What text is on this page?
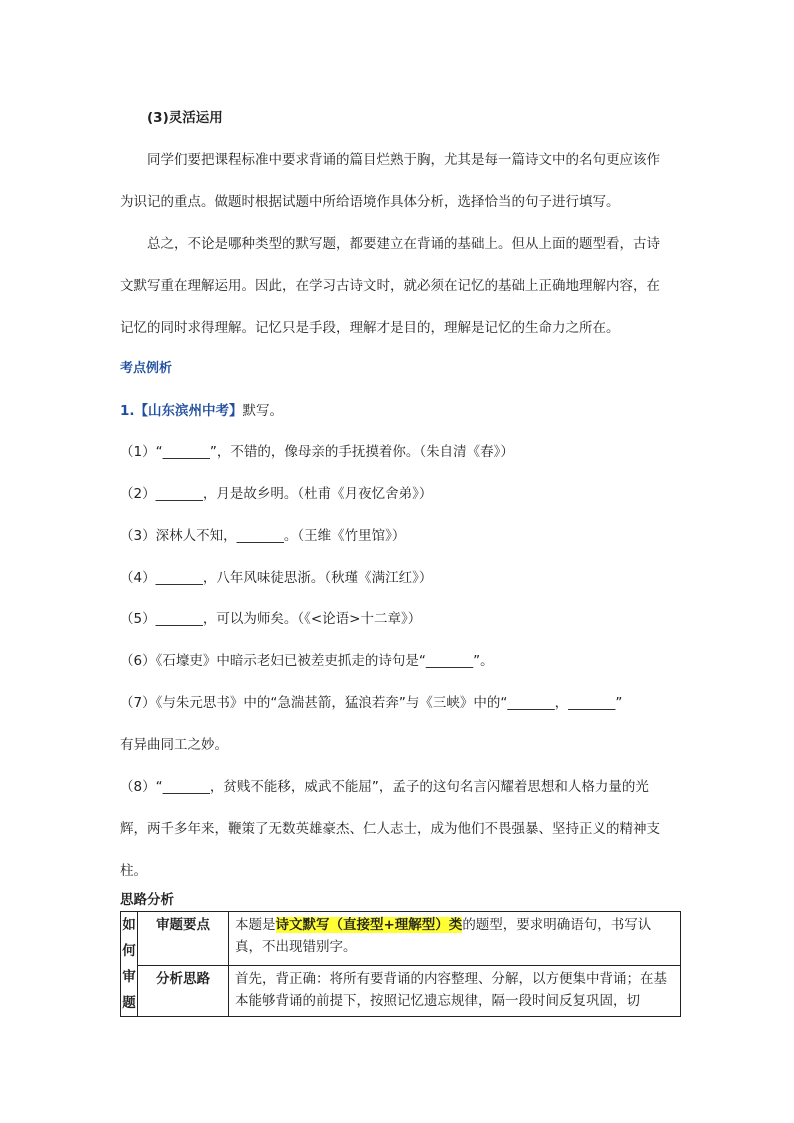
(3)灵活运用
同学们要把课程标准中要求背诵的篇目烂熟于胸，尤其是每一篇诗文中的名句更应该作
为识记的重点。做题时根据试题中所给语境作具体分析，选择恰当的句子进行填写。
总之，不论是哪种类型的默写题，都要建立在背诵的基础上。但从上面的题型看，古诗
文默写重在理解运用。因此，在学习古诗文时，就必须在记忆的基础上正确地理解内容，在
记忆的同时求得理解。记忆只是手段，理解才是目的，理解是记忆的生命力之所在。
考点例析
1.【山东滨州中考】默写。
（1）“_______”，不错的，像母亲的手抚摸着你。（朱自清《春》）
（2）_______，月是故乡明。（杜甫《月夜忆舍弟》）
（3）深林人不知，_______。（王维《竹里馆》）
（4）_______，八年风味徒思浙。（秋瑾《满江红》）
（5）_______，可以为师矣。（《<论语>十二章》）
（6）《石壕吏》中暗示老妇已被差吏抓走的诗句是“_______”。
（7）《与朱元思书》中的“急湍甚箭，猛浪若奔”与《三峡》中的“_______，_______”
有异曲同工之妙。
（8）“_______，贫贱不能移，威武不能屈”，孟子的这句名言闪耀着思想和人格力量的光
辉，两千多年来，鞭策了无数英雄豪杰、仁人志士，成为他们不畏强暴、坚持正义的精神支
柱。
思路分析
如何审题	审题要点	本题是诗文默写（直接型+理解型）类的题型，要求明确语句，书写认真，不出现错别字。
	分析思路	首先，背正确：将所有要背诵的内容整理、分解，以方便集中背诵；在基本能够背诵的前提下，按照记忆遗忘规律，隔一段时间反复巩固，切
